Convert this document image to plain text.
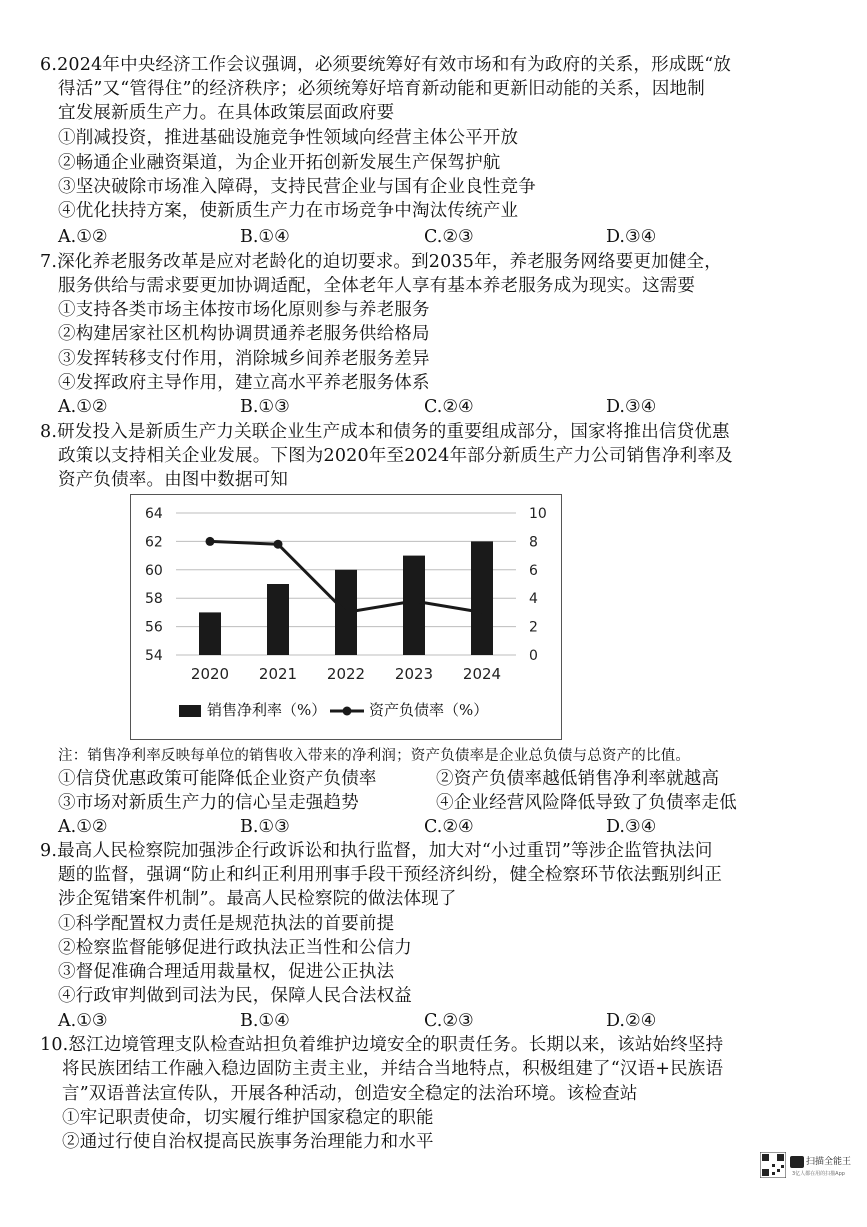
6.2024年中央经济工作会议强调，必须要统筹好有效市场和有为政府的关系，形成既“放
得活”又“管得住”的经济秩序；必须统筹好培育新动能和更新旧动能的关系，因地制
宜发展新质生产力。在具体政策层面政府要
①削减投资，推进基础设施竞争性领域向经营主体公平开放
②畅通企业融资渠道，为企业开拓创新发展生产保驾护航
③坚决破除市场准入障碍，支持民营企业与国有企业良性竞争
④优化扶持方案，使新质生产力在市场竞争中淘汰传统产业
A.①②	B.①④	C.②③	D.③④
7.深化养老服务改革是应对老龄化的迫切要求。到2035年，养老服务网络要更加健全，
服务供给与需求要更加协调适配，全体老年人享有基本养老服务成为现实。这需要
①支持各类市场主体按市场化原则参与养老服务
②构建居家社区机构协调贯通养老服务供给格局
③发挥转移支付作用，消除城乡间养老服务差异
④发挥政府主导作用，建立高水平养老服务体系
A.①②	B.①③	C.②④	D.③④
8.研发投入是新质生产力关联企业生产成本和债务的重要组成部分，国家将推出信贷优惠
政策以支持相关企业发展。下图为2020年至2024年部分新质生产力公司销售净利率及
资产负债率。由图中数据可知
注：销售净利率反映每单位的销售收入带来的净利润；资产负债率是企业总负债与总资产的比值。
①信贷优惠政策可能降低企业资产负债率	②资产负债率越低销售净利率就越高
③市场对新质生产力的信心呈走强趋势	④企业经营风险降低导致了负债率走低
A.①②	B.①③	C.②④	D.③④
9.最高人民检察院加强涉企行政诉讼和执行监督，加大对“小过重罚”等涉企监管执法问
题的监督，强调“防止和纠正利用刑事手段干预经济纠纷，健全检察环节依法甄别纠正
涉企冤错案件机制”。最高人民检察院的做法体现了
①科学配置权力责任是规范执法的首要前提
②检察监督能够促进行政执法正当性和公信力
③督促准确合理适用裁量权，促进公正执法
④行政审判做到司法为民，保障人民合法权益
A.①③	B.①④	C.②③	D.②④
10.怒江边境管理支队检查站担负着维护边境安全的职责任务。长期以来，该站始终坚持
将民族团结工作融入稳边固防主责主业，并结合当地特点，积极组建了“汉语+民族语
言”双语普法宣传队，开展各种活动，创造安全稳定的法治环境。该检查站
①牢记职责使命，切实履行维护国家稳定的职能
②通过行使自治权提高民族事务治理能力和水平
54
56
58
60
62
64
0
2
4
6
8
10
2020 2021 2022 2023 2024
销售净利率（%）	资产负债率（%）
扫描全能王
3亿人都在用的扫描App
